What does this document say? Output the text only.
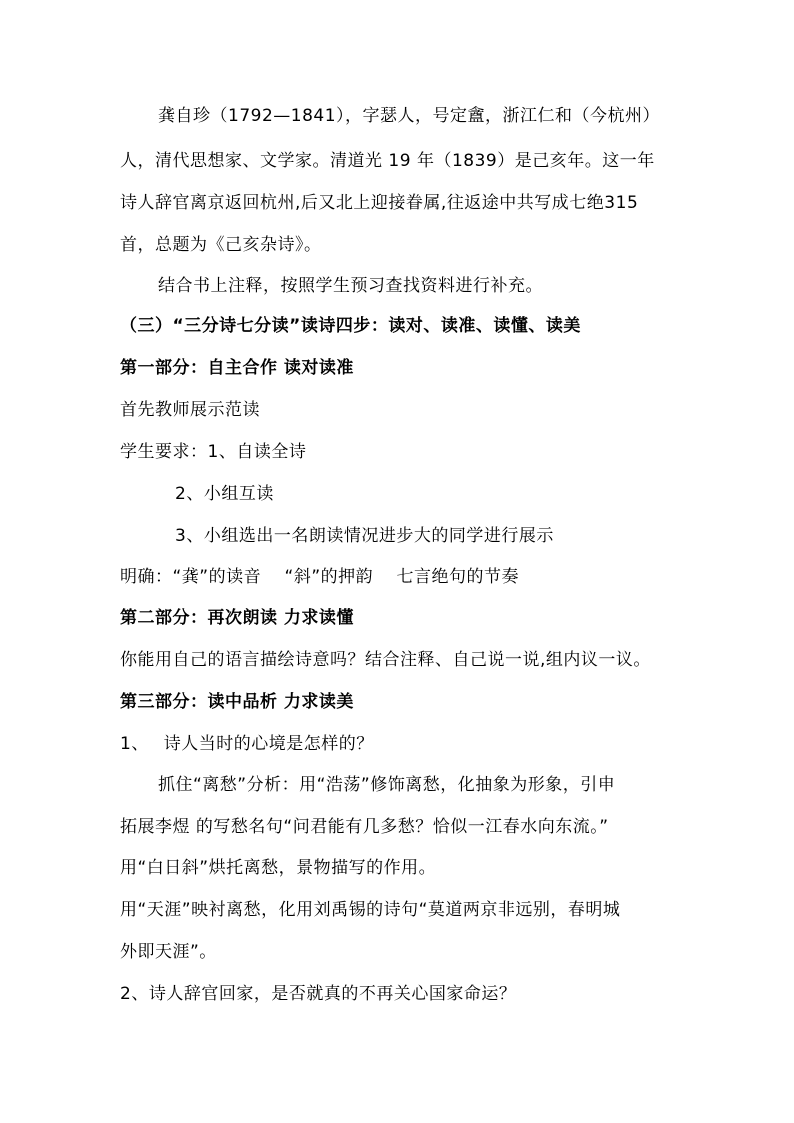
龚自珍（1792—1841），字瑟人，号定盦，浙江仁和（今杭州）
人，清代思想家、文学家。清道光 19 年（1839）是己亥年。这一年
诗人辞官离京返回杭州,后又北上迎接眷属,往返途中共写成七绝315
首，总题为《己亥杂诗》。
结合书上注释，按照学生预习查找资料进行补充。
（三）“三分诗七分读”读诗四步：读对、读准、读懂、读美
第一部分：自主合作 读对读准
首先教师展示范读
学生要求：1、自读全诗
2、小组互读
3、小组选出一名朗读情况进步大的同学进行展示
明确：“龚”的读音　 “斜”的押韵　 七言绝句的节奏
第二部分：再次朗读 力求读懂
你能用自己的语言描绘诗意吗？结合注释、自己说一说,组内议一议。
第三部分：读中品析 力求读美
1、　 诗人当时的心境是怎样的？
抓住“离愁”分析：用“浩荡”修饰离愁，化抽象为形象，引申
拓展李煜 的写愁名句“问君能有几多愁？恰似一江春水向东流。”
用“白日斜”烘托离愁，景物描写的作用。
用“天涯”映衬离愁，化用刘禹锡的诗句“莫道两京非远别，春明城
外即天涯”。
2、诗人辞官回家，是否就真的不再关心国家命运？
